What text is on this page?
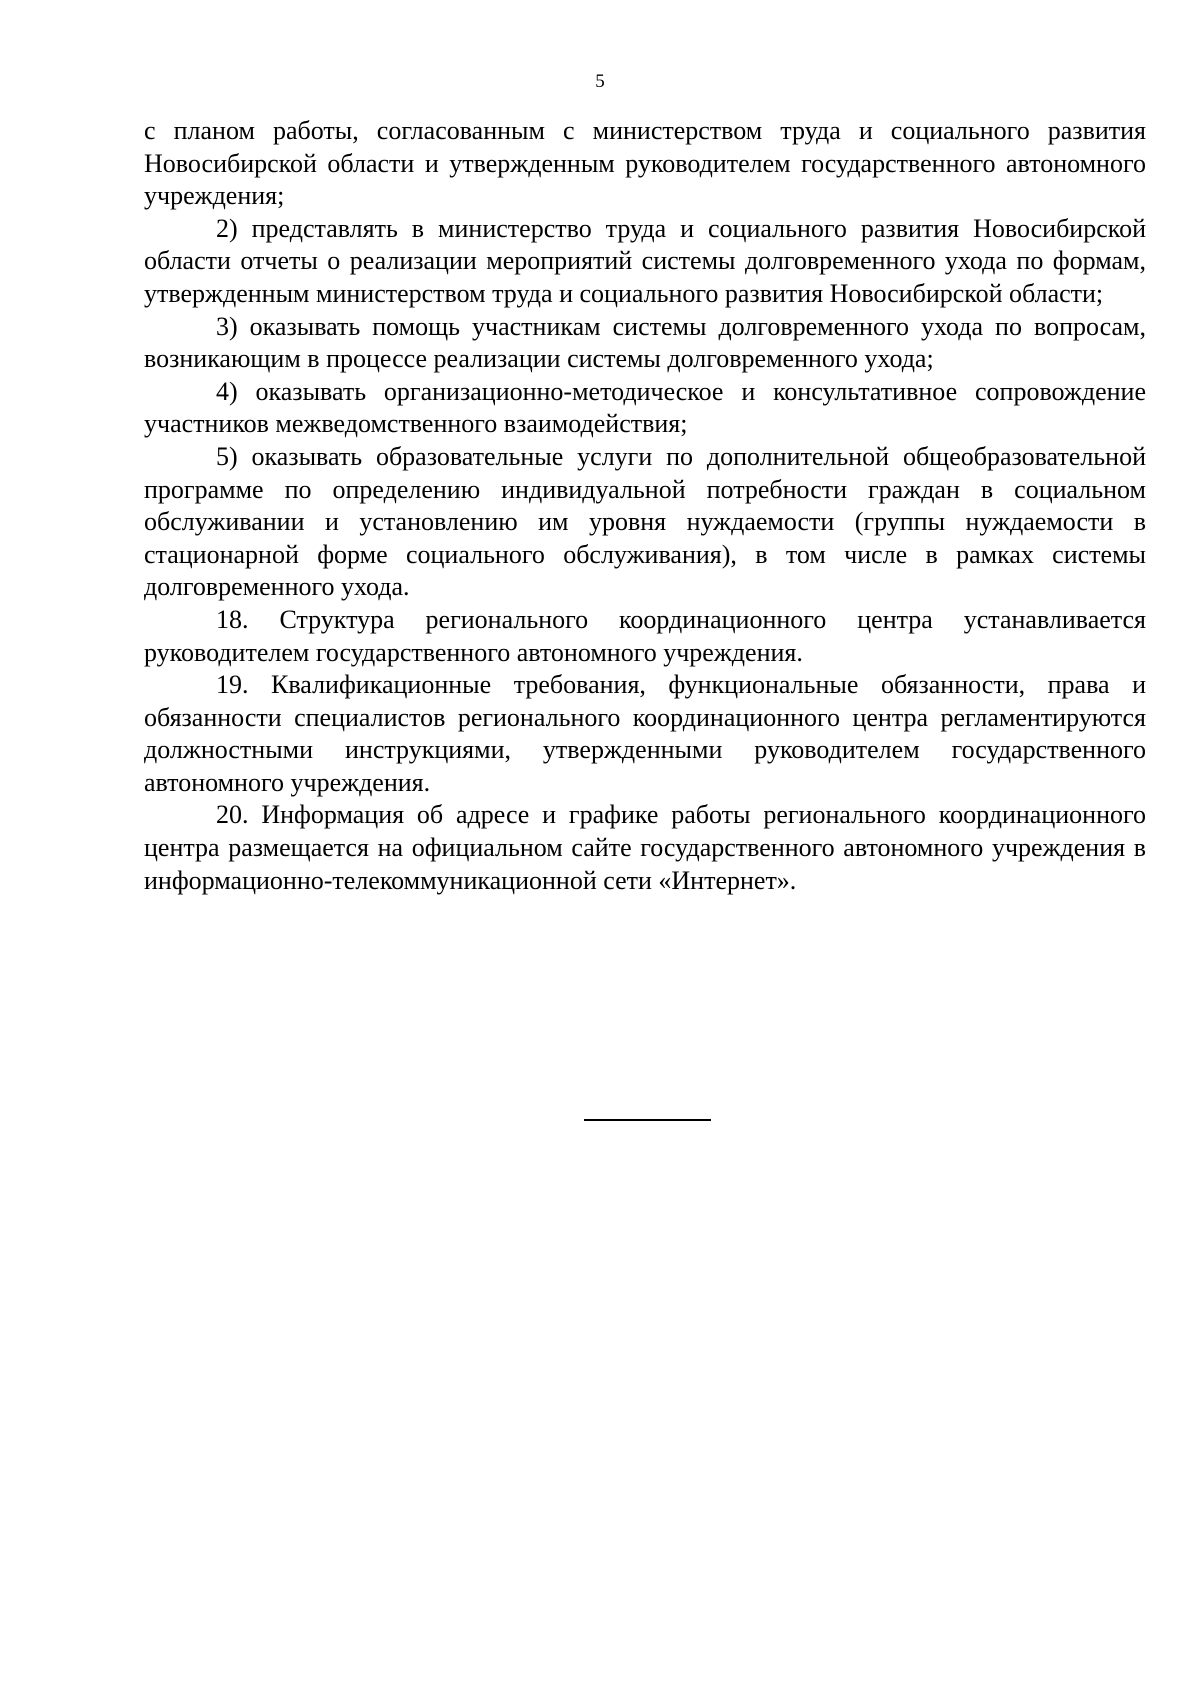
5

с планом работы, согласованным с министерством труда и социального развития Новосибирской области и утвержденным руководителем государственного автономного учреждения;

2) представлять в министерство труда и социального развития Новосибирской области отчеты о реализации мероприятий системы долговременного ухода по формам, утвержденным министерством труда и социального развития Новосибирской области;

3) оказывать помощь участникам системы долговременного ухода по вопросам, возникающим в процессе реализации системы долговременного ухода;

4) оказывать организационно-методическое и консультативное сопровождение участников межведомственного взаимодействия;

5) оказывать образовательные услуги по дополнительной общеобразовательной программе по определению индивидуальной потребности граждан в социальном обслуживании и установлению им уровня нуждаемости (группы нуждаемости в стационарной форме социального обслуживания), в том числе в рамках системы долговременного ухода.

18. Структура регионального координационного центра устанавливается руководителем государственного автономного учреждения.

19. Квалификационные требования, функциональные обязанности, права и обязанности специалистов регионального координационного центра регламентируются должностными инструкциями, утвержденными руководителем государственного автономного учреждения.

20. Информация об адресе и графике работы регионального координационного центра размещается на официальном сайте государственного автономного учреждения в информационно-телекоммуникационной сети «Интернет».
